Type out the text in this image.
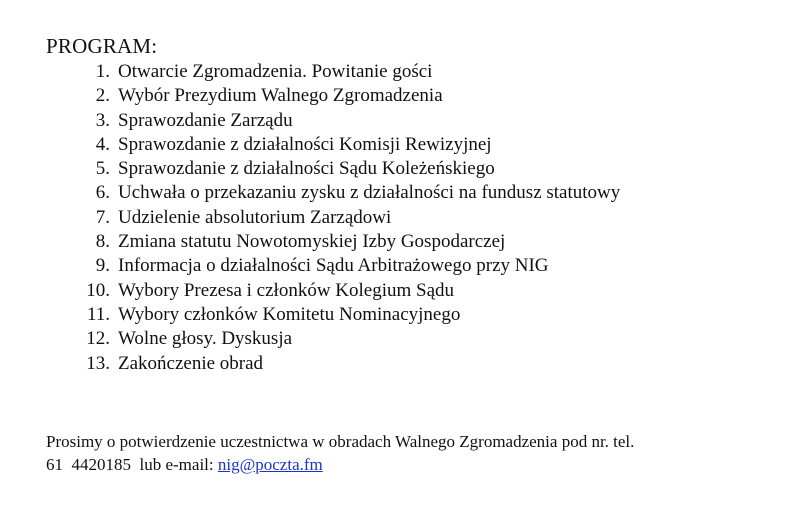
PROGRAM:
1. Otwarcie Zgromadzenia. Powitanie gości
2. Wybór Prezydium Walnego Zgromadzenia
3. Sprawozdanie Zarządu
4. Sprawozdanie z działalności Komisji Rewizyjnej
5. Sprawozdanie z działalności Sądu Koleżeńskiego
6. Uchwała o przekazaniu zysku z działalności na fundusz statutowy
7. Udzielenie absolutorium Zarządowi
8. Zmiana statutu Nowotomyskiej Izby Gospodarczej
9. Informacja o działalności Sądu Arbitrażowego przy NIG
10. Wybory Prezesa i członków Kolegium Sądu
11. Wybory członków Komitetu Nominacyjnego
12. Wolne głosy. Dyskusja
13. Zakończenie obrad
Prosimy o potwierdzenie uczestnictwa w obradach Walnego Zgromadzenia pod nr. tel.
61  4420185  lub e-mail: nig@poczta.fm
